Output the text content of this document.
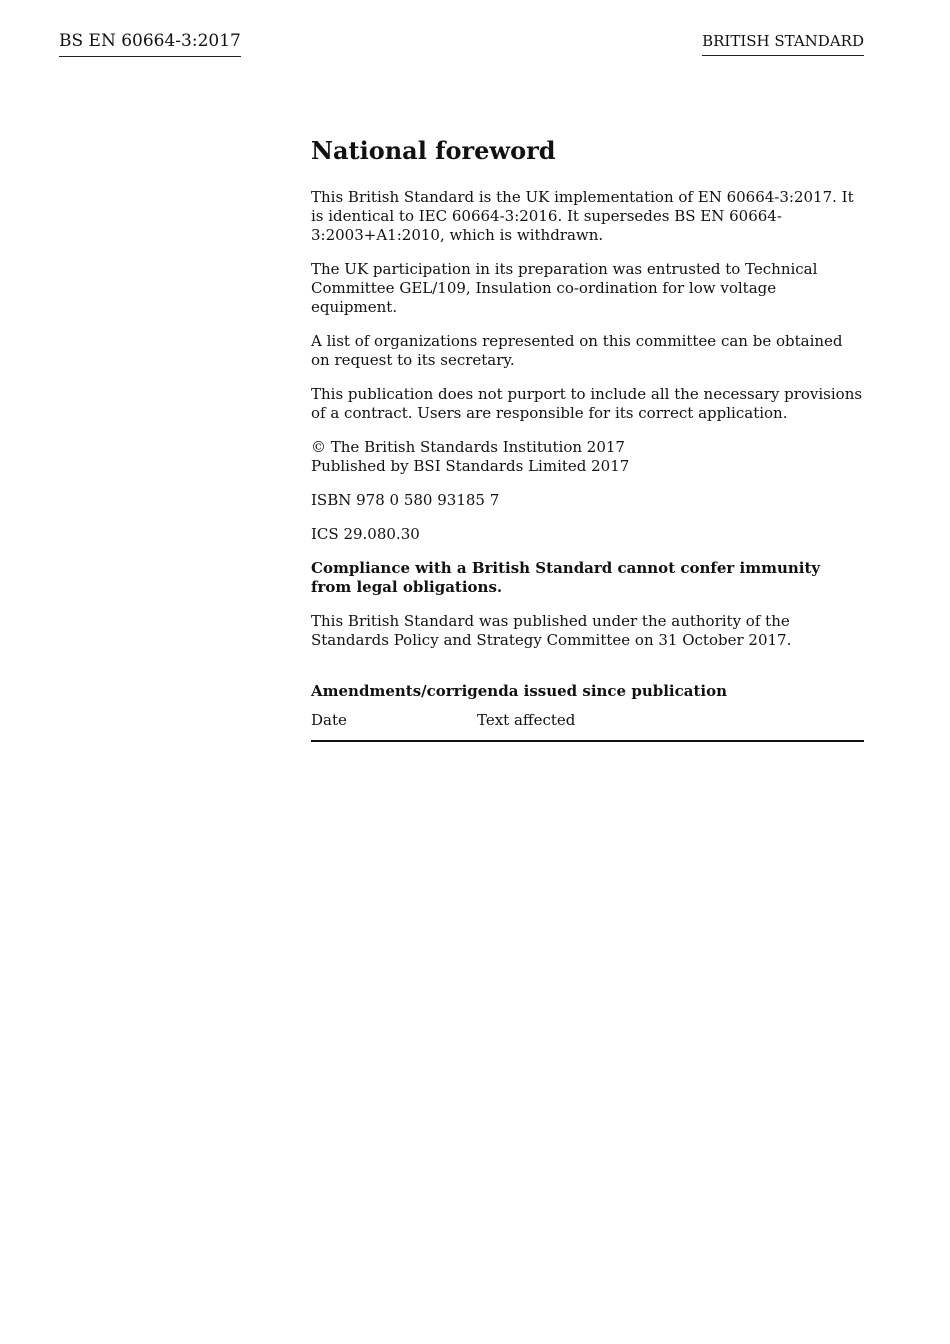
BS EN 60664-3:2017	BRITISH STANDARD
National foreword

This British Standard is the UK implementation of EN 60664-3:2017. It is identical to IEC 60664-3:2016. It supersedes BS EN 60664-3:2003+A1:2010, which is withdrawn.

The UK participation in its preparation was entrusted to Technical Committee GEL/109, Insulation co-ordination for low voltage equipment.

A list of organizations represented on this committee can be obtained on request to its secretary.

This publication does not purport to include all the necessary provisions of a contract. Users are responsible for its correct application.

© The British Standards Institution 2017
Published by BSI Standards Limited 2017

ISBN 978 0 580 93185 7

ICS 29.080.30

Compliance with a British Standard cannot confer immunity from legal obligations.

This British Standard was published under the authority of the Standards Policy and Strategy Committee on 31 October 2017.

Amendments/corrigenda issued since publication
Date	Text affected
